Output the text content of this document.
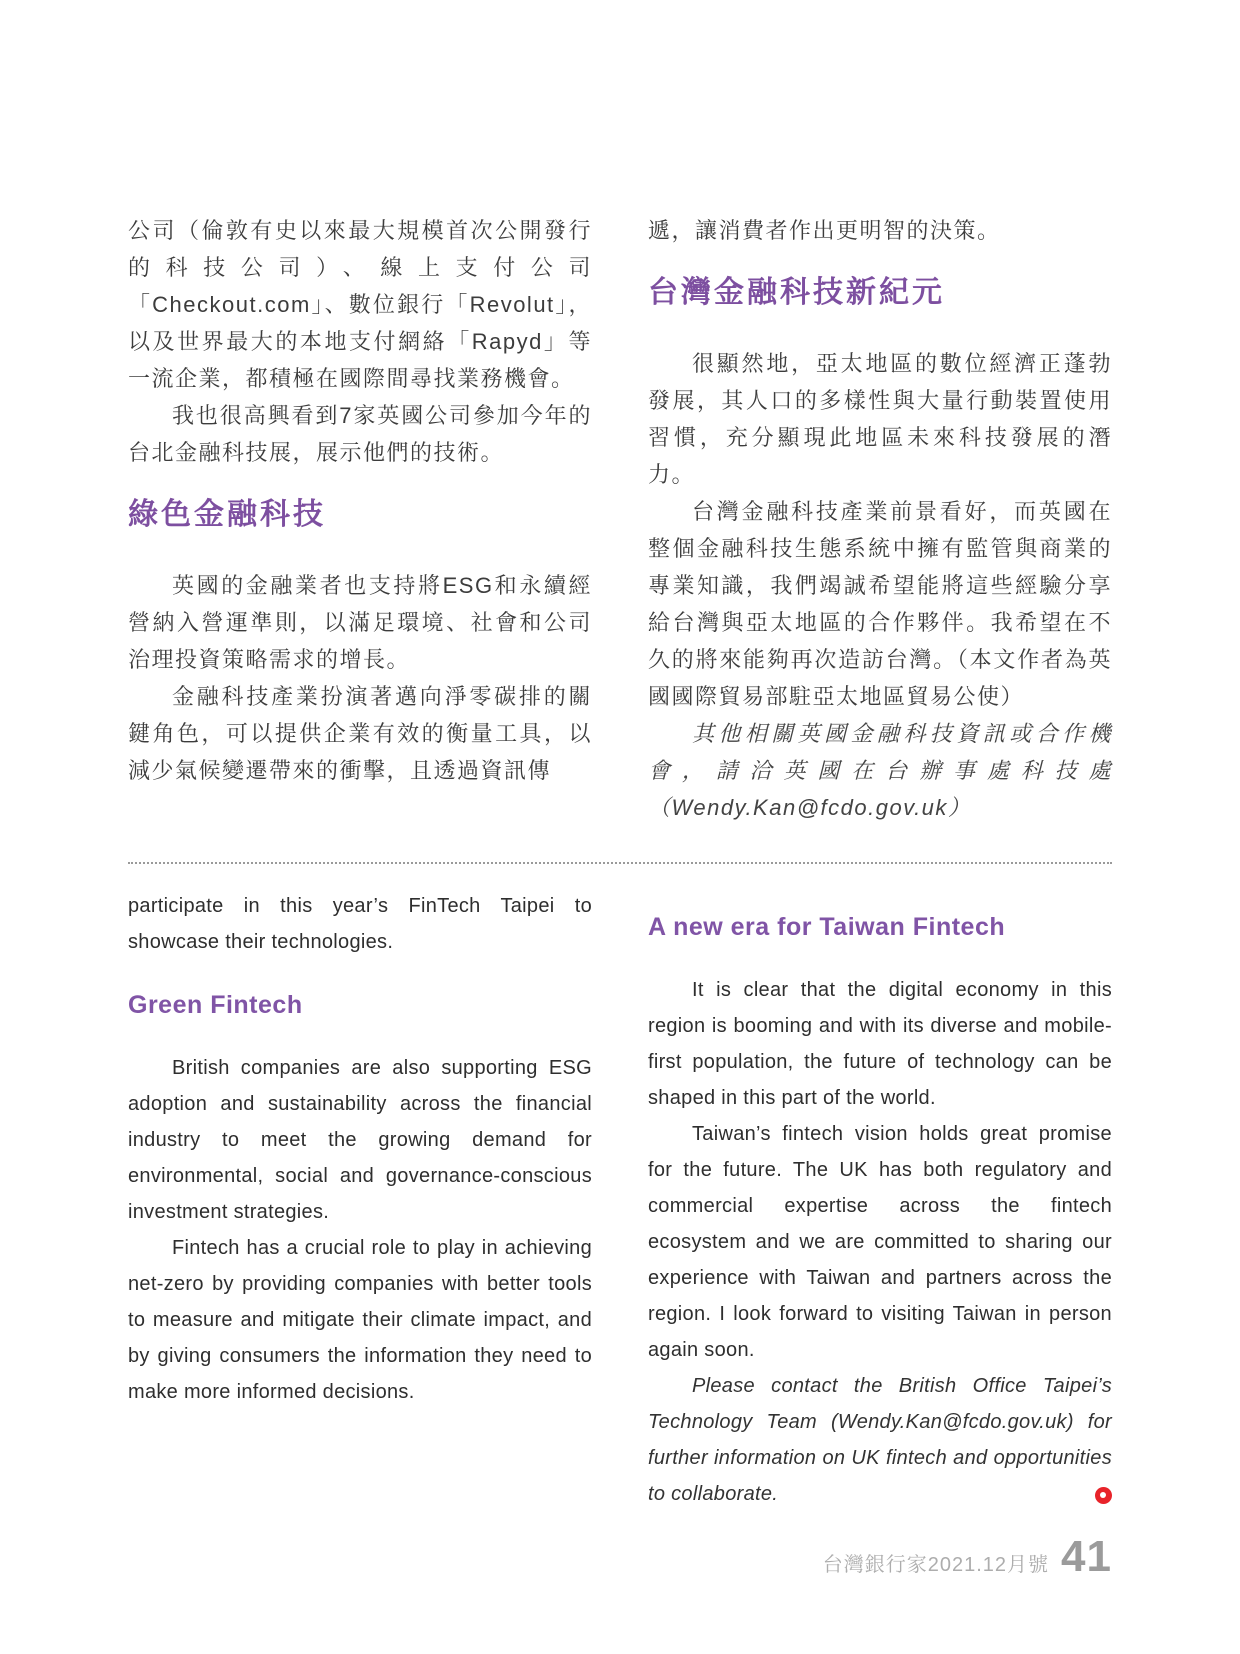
公司（倫敦有史以來最大規模首次公開發行的科技公司）、線上支付公司「Checkout.com」、數位銀行「Revolut」，以及世界最大的本地支付網絡「Rapyd」等一流企業，都積極在國際間尋找業務機會。

我也很高興看到7家英國公司參加今年的台北金融科技展，展示他們的技術。

綠色金融科技

英國的金融業者也支持將ESG和永續經營納入營運準則，以滿足環境、社會和公司治理投資策略需求的增長。

金融科技產業扮演著邁向淨零碳排的關鍵角色，可以提供企業有效的衡量工具，以減少氣候變遷帶來的衝擊，且透過資訊傳

遞，讓消費者作出更明智的決策。

台灣金融科技新紀元

很顯然地，亞太地區的數位經濟正蓬勃發展，其人口的多樣性與大量行動裝置使用習慣，充分顯現此地區未來科技發展的潛力。

台灣金融科技產業前景看好，而英國在整個金融科技生態系統中擁有監管與商業的專業知識，我們竭誠希望能將這些經驗分享給台灣與亞太地區的合作夥伴。我希望在不久的將來能夠再次造訪台灣。（本文作者為英國國際貿易部駐亞太地區貿易公使）

其他相關英國金融科技資訊或合作機會，請洽英國在台辦事處科技處 （Wendy.Kan@fcdo.gov.uk）

participate in this year’s FinTech Taipei to showcase their technologies.

Green Fintech

British companies are also supporting ESG adoption and sustainability across the financial industry to meet the growing demand for environmental, social and governance-conscious investment strategies.

Fintech has a crucial role to play in achieving net-zero by providing companies with better tools to measure and mitigate their climate impact, and by giving consumers the information they need to make more informed decisions.

A new era for Taiwan Fintech

It is clear that the digital economy in this region is booming and with its diverse and mobile-first population, the future of technology can be shaped in this part of the world.

Taiwan’s fintech vision holds great promise for the future. The UK has both regulatory and commercial expertise across the fintech ecosystem and we are committed to sharing our experience with Taiwan and partners across the region. I look forward to visiting Taiwan in person again soon.

Please contact the British Office Taipei’s Technology Team (Wendy.Kan@fcdo.gov.uk) for further information on UK fintech and opportunities to collaborate.

台灣銀行家2021.12月號 41
